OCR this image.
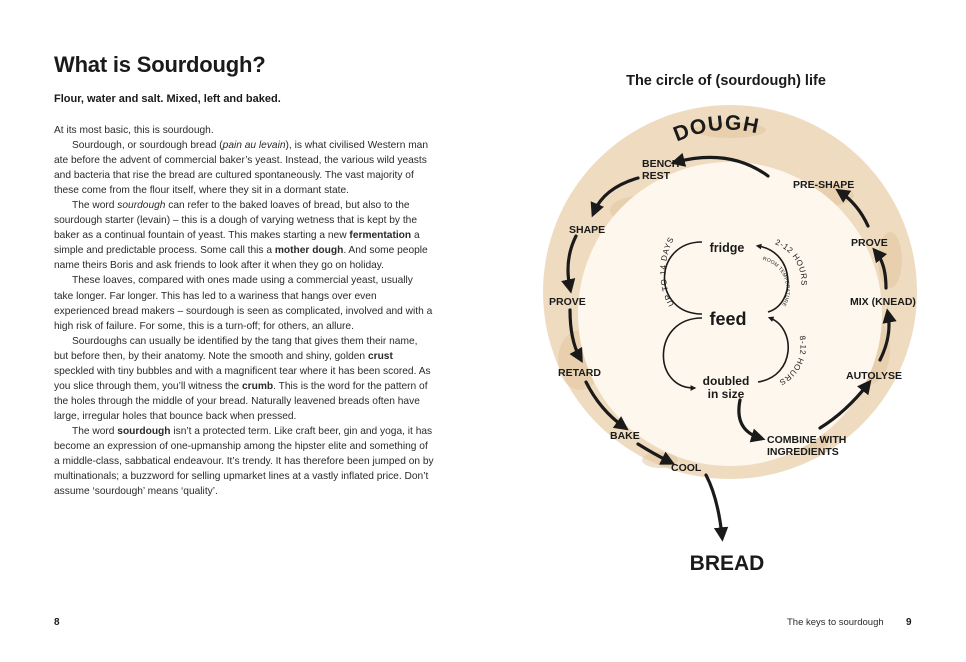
What is Sourdough?

Flour, water and salt. Mixed, left and baked.

At its most basic, this is sourdough.

Sourdough, or sourdough bread (pain au levain), is what civilised Western man ate before the advent of commercial baker’s yeast. Instead, the various wild yeasts and bacteria that rise the bread are cultured spontaneously. The vast majority of these come from the flour itself, where they sit in a dormant state.

The word sourdough can refer to the baked loaves of bread, but also to the sourdough starter (levain) – this is a dough of varying wetness that is kept by the baker as a continual fountain of yeast. This makes starting a new fermentation a simple and predictable process. Some call this a mother dough. And some people name theirs Boris and ask friends to look after it when they go on holiday.

These loaves, compared with ones made using a commercial yeast, usually take longer. Far longer. This has led to a wariness that hangs over even experienced bread makers – sourdough is seen as complicated, involved and with a high risk of failure. For some, this is a turn-off; for others, an allure.

Sourdoughs can usually be identified by the tang that gives them their name, but before then, by their anatomy. Note the smooth and shiny, golden crust speckled with tiny bubbles and with a magnificent tear where it has been scored. As you slice through them, you’ll witness the crumb. This is the word for the pattern of the holes through the middle of your bread. Naturally leavened breads often have large, irregular holes that bounce back when pressed.

The word sourdough isn’t a protected term. Like craft beer, gin and yoga, it has become an expression of one-upmanship among the hipster elite and something of a middle-class, sabbatical endeavour. It’s trendy. It has therefore been jumped on by multinationals; a buzzword for selling upmarket lines at a vastly inflated price. Don’t assume ‘sourdough’ means ‘quality’.

8	The keys to sourdough 9
The circle of (sourdough) life
DOUGH
BENCH REST
PRE-SHAPE
SHAPE
PROVE
PROVE
MIX (KNEAD)
RETARD	AUTOLYSE
BAKE	COMBINE WITH INGREDIENTS
COOL
BREAD
fridge
feed
doubled in size
UP TO 14 DAYS	2-12 HOURS
ROOM TEMPERATURE
8-12 HOURS
